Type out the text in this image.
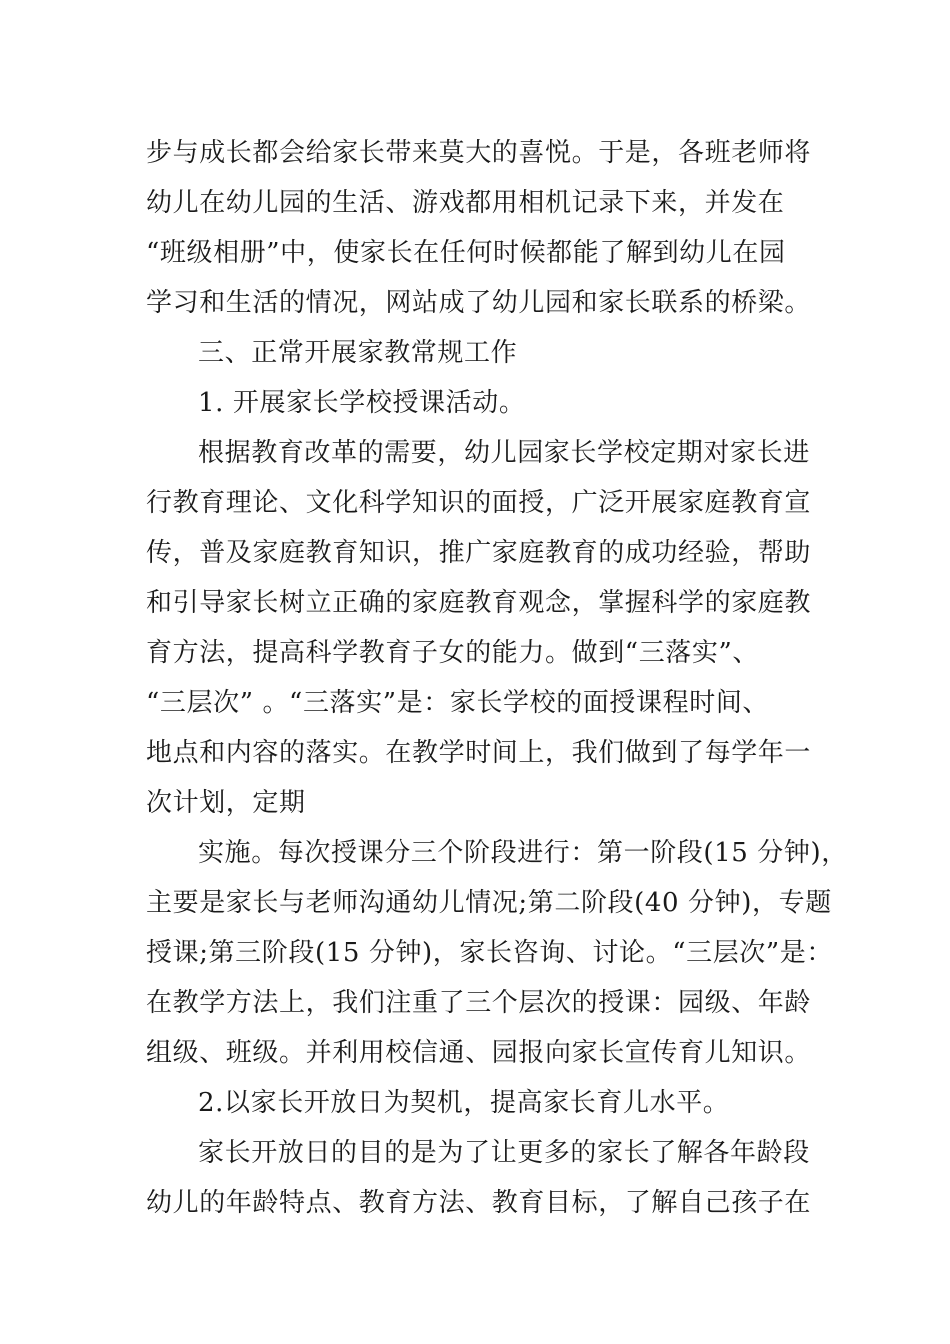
步与成长都会给家长带来莫大的喜悦。于是，各班老师将
幼儿在幼儿园的生活、游戏都用相机记录下来，并发在
“班级相册”中，使家长在任何时候都能了解到幼儿在园
学习和生活的情况，网站成了幼儿园和家长联系的桥梁。
三、正常开展家教常规工作
1. 开展家长学校授课活动。
根据教育改革的需要，幼儿园家长学校定期对家长进
行教育理论、文化科学知识的面授，广泛开展家庭教育宣
传，普及家庭教育知识，推广家庭教育的成功经验，帮助
和引导家长树立正确的家庭教育观念，掌握科学的家庭教
育方法，提高科学教育子女的能力。做到“三落实”、
“三层次” 。“三落实”是：家长学校的面授课程时间、
地点和内容的落实。在教学时间上，我们做到了每学年一
次计划，定期
实施。每次授课分三个阶段进行：第一阶段(15 分钟)，
主要是家长与老师沟通幼儿情况;第二阶段(40 分钟)，专题
授课;第三阶段(15 分钟)，家长咨询、讨论。“三层次”是：
在教学方法上，我们注重了三个层次的授课：园级、年龄
组级、班级。并利用校信通、园报向家长宣传育儿知识。
2.以家长开放日为契机，提高家长育儿水平。
家长开放日的目的是为了让更多的家长了解各年龄段
幼儿的年龄特点、教育方法、教育目标，了解自己孩子在
